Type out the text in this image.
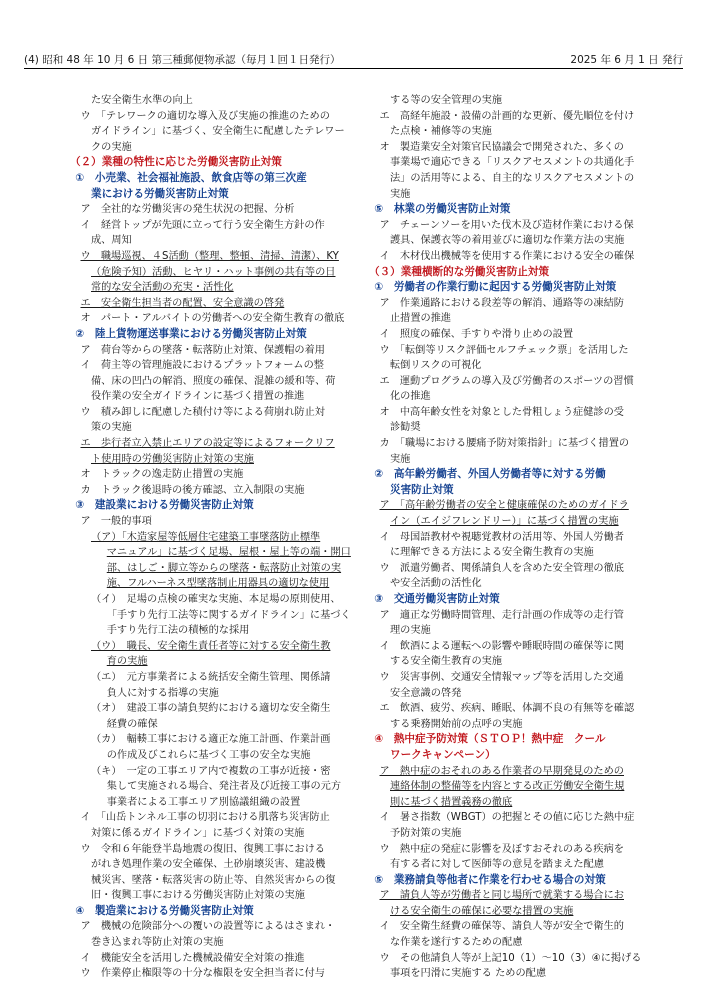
(4) 昭和 48 年 10 月 6 日 第三種郵便物承認（毎月１回１日発行）	2025 年 6 月 1 日 発行
た安全衛生水準の向上
ウ　「テレワークの適切な導入及び実施の推進のための
ガイドライン」に基づく、安全衛生に配慮したテレワー
クの実施
（２）業種の特性に応じた労働災害防止対策
①　小売業、社会福祉施設、飲食店等の第三次産
業における労働災害防止対策
ア　全社的な労働災害の発生状況の把握、分析
イ　経営トップが先頭に立って行う安全衛生方針の作
成、周知
ウ　職場巡視、４S活動（整理、整頓、清掃、清潔）、KY
（危険予知）活動、ヒヤリ・ハット事例の共有等の日
常的な安全活動の充実・活性化
エ　安全衛生担当者の配置、安全意識の啓発
オ　パート・アルバイトの労働者への安全衛生教育の徹底
②　陸上貨物運送事業における労働災害防止対策
ア　荷台等からの墜落・転落防止対策、保護帽の着用
イ　荷主等の管理施設におけるプラットフォームの整
備、床の凹凸の解消、照度の確保、混雑の緩和等、荷
役作業の安全ガイドラインに基づく措置の推進
ウ　積み卸しに配慮した積付け等による荷崩れ防止対
策の実施
エ　歩行者立入禁止エリアの設定等によるフォークリフ
ト使用時の労働災害防止対策の実施
オ　トラックの逸走防止措置の実施
カ　トラック後退時の後方確認、立入制限の実施
③　建設業における労働災害防止対策
ア　一般的事項
（ア）「木造家屋等低層住宅建築工事墜落防止標準
マニュアル」に基づく足場、屋根・屋上等の端・開口
部、はしご・脚立等からの墜落・転落防止対策の実
施、フルハーネス型墜落制止用器具の適切な使用
（イ）　足場の点検の確実な実施、本足場の原則使用、
「手すり先行工法等に関するガイドライン」に基づく
手すり先行工法の積極的な採用
（ウ）　職長、安全衛生責任者等に対する安全衛生教
育の実施
（エ）　元方事業者による統括安全衛生管理、関係請
負人に対する指導の実施
（オ）　建設工事の請負契約における適切な安全衛生
経費の確保
（カ）　輻輳工事における適正な施工計画、作業計画
の作成及びこれらに基づく工事の安全な実施
（キ）　一定の工事エリア内で複数の工事が近接・密
集して実施される場合、発注者及び近接工事の元方
事業者による工事エリア別協議組織の設置
イ　「山岳トンネル工事の切羽における肌落ち災害防止
対策に係るガイドライン」に基づく対策の実施
ウ　令和６年能登半島地震の復旧、復興工事における
がれき処理作業の安全確保、土砂崩壊災害、建設機
械災害、墜落・転落災害の防止等、自然災害からの復
旧・復興工事における労働災害防止対策の実施
④　製造業における労働災害防止対策
ア　機械の危険部分への覆いの設置等によるはさまれ・
巻き込まれ等防止対策の実施
イ　機能安全を活用した機械設備安全対策の推進
ウ　作業停止権限等の十分な権限を安全担当者に付与
する等の安全管理の実施
エ　高経年施設・設備の計画的な更新、優先順位を付け
た点検・補修等の実施
オ　製造業安全対策官民協議会で開発された、多くの
事業場で適応できる「リスクアセスメントの共通化手
法」の活用等による、自主的なリスクアセスメントの
実施
⑤　林業の労働災害防止対策
ア　チェーンソーを用いた伐木及び造材作業における保
護具、保護衣等の着用並びに適切な作業方法の実施
イ　木材伐出機械等を使用する作業における安全の確保
（３）業種横断的な労働災害防止対策
①　労働者の作業行動に起因する労働災害防止対策
ア　作業通路における段差等の解消、通路等の凍結防
止措置の推進
イ　照度の確保、手すりや滑り止めの設置
ウ　「転倒等リスク評価セルフチェック票」を活用した
転倒リスクの可視化
エ　運動プログラムの導入及び労働者のスポーツの習慣
化の推進
オ　中高年齢女性を対象とした骨粗しょう症健診の受
診勧奨
カ　「職場における腰痛予防対策指針」に基づく措置の
実施
②　高年齢労働者、外国人労働者等に対する労働
災害防止対策
ア　「高年齢労働者の安全と健康確保のためのガイドラ
イン（エイジフレンドリー）」に基づく措置の実施
イ　母国語教材や視聴覚教材の活用等、外国人労働者
に理解できる方法による安全衛生教育の実施
ウ　派遣労働者、関係請負人を含めた安全管理の徹底
や安全活動の活性化
③　交通労働災害防止対策
ア　適正な労働時間管理、走行計画の作成等の走行管
理の実施
イ　飲酒による運転への影響や睡眠時間の確保等に関
する安全衛生教育の実施
ウ　災害事例、交通安全情報マップ等を活用した交通
安全意識の啓発
エ　飲酒、疲労、疾病、睡眠、体調不良の有無等を確認
する乗務開始前の点呼の実施
④　熱中症予防対策（ＳＴＯＰ！熱中症　クール
ワークキャンペーン）
ア　熱中症のおそれのある作業者の早期発見のための
連絡体制の整備等を内容とする改正労働安全衛生規
則に基づく措置義務の徹底
イ　暑さ指数（WBGT）の把握とその値に応じた熱中症
予防対策の実施
ウ　熱中症の発症に影響を及ぼすおそれのある疾病を
有する者に対して医師等の意見を踏まえた配慮
⑤　業務請負等他者に作業を行わせる場合の対策
ア　請負人等が労働者と同じ場所で就業する場合にお
ける安全衛生の確保に必要な措置の実施
イ　安全衛生経費の確保等、請負人等が安全で衛生的
な作業を遂行するための配慮
ウ　その他請負人等が上記10（1）〜10（3）④に掲げる
事項を円滑に実施する ための配慮
